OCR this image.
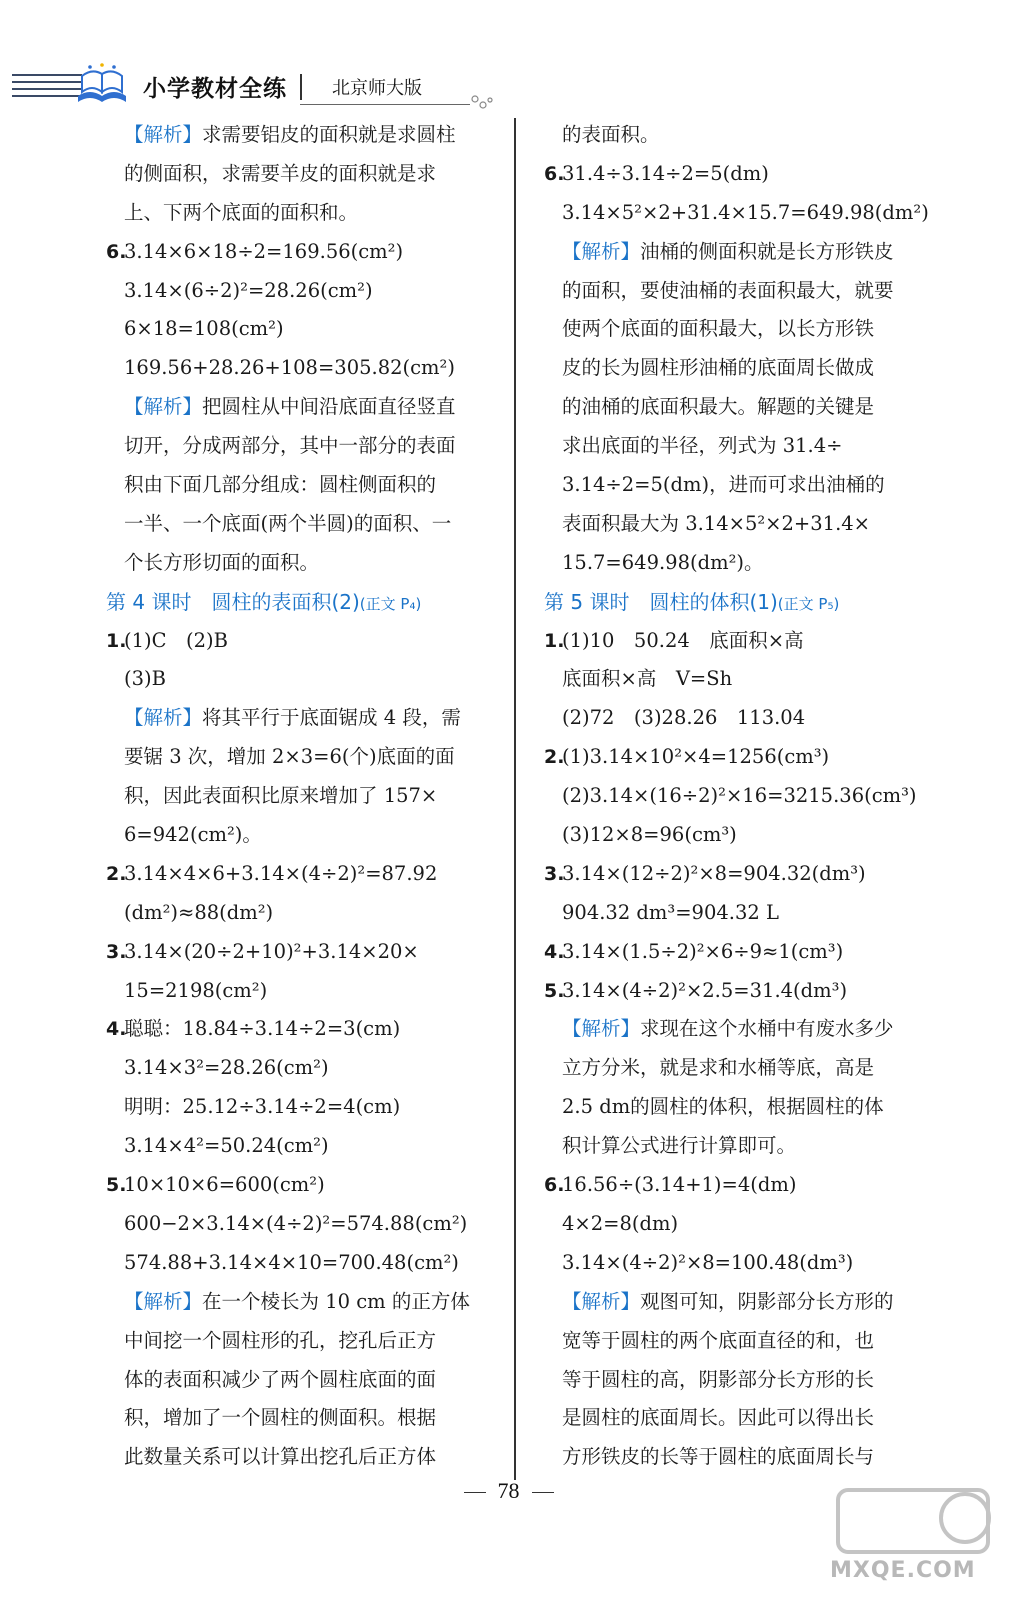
小学教材全练	北京师大版
【解析】求需要铝皮的面积就是求圆柱
的侧面积，求需要羊皮的面积就是求
上、下两个底面的面积和。
6.
3.14×6×18÷2=169.56(cm²)
3.14×(6÷2)²=28.26(cm²)
6×18=108(cm²)
169.56+28.26+108=305.82(cm²)
【解析】把圆柱从中间沿底面直径竖直
切开，分成两部分，其中一部分的表面
积由下面几部分组成：圆柱侧面积的
一半、一个底面(两个半圆)的面积、一
个长方形切面的面积。
第 4 课时　圆柱的表面积(2)(正文 P₄)
1.
(1)C　(2)B
(3)B
【解析】将其平行于底面锯成 4 段，需
要锯 3 次，增加 2×3=6(个)底面的面
积，因此表面积比原来增加了 157×
6=942(cm²)。
2.
3.14×4×6+3.14×(4÷2)²=87.92
(dm²)≈88(dm²)
3.
3.14×(20÷2+10)²+3.14×20×
15=2198(cm²)
4.
聪聪：18.84÷3.14÷2=3(cm)
3.14×3²=28.26(cm²)
明明：25.12÷3.14÷2=4(cm)
3.14×4²=50.24(cm²)
5.
10×10×6=600(cm²)
600−2×3.14×(4÷2)²=574.88(cm²)
574.88+3.14×4×10=700.48(cm²)
【解析】在一个棱长为 10 cm 的正方体
中间挖一个圆柱形的孔，挖孔后正方
体的表面积减少了两个圆柱底面的面
积，增加了一个圆柱的侧面积。根据
此数量关系可以计算出挖孔后正方体
的表面积。
6.
31.4÷3.14÷2=5(dm)
3.14×5²×2+31.4×15.7=649.98(dm²)
【解析】油桶的侧面积就是长方形铁皮
的面积，要使油桶的表面积最大，就要
使两个底面的面积最大，以长方形铁
皮的长为圆柱形油桶的底面周长做成
的油桶的底面积最大。解题的关键是
求出底面的半径，列式为 31.4÷
3.14÷2=5(dm)，进而可求出油桶的
表面积最大为 3.14×5²×2+31.4×
15.7=649.98(dm²)。
第 5 课时　圆柱的体积(1)(正文 P₅)
1.
(1)10　50.24　底面积×高
底面积×高　V=Sh
(2)72　(3)28.26　113.04
2.
(1)3.14×10²×4=1256(cm³)
(2)3.14×(16÷2)²×16=3215.36(cm³)
(3)12×8=96(cm³)
3.
3.14×(12÷2)²×8=904.32(dm³)
904.32 dm³=904.32 L
4.
3.14×(1.5÷2)²×6÷9≈1(cm³)
5.
3.14×(4÷2)²×2.5=31.4(dm³)
【解析】求现在这个水桶中有废水多少
立方分米，就是求和水桶等底，高是
2.5 dm的圆柱的体积，根据圆柱的体
积计算公式进行计算即可。
6.
16.56÷(3.14+1)=4(dm)
4×2=8(dm)
3.14×(4÷2)²×8=100.48(dm³)
【解析】观图可知，阴影部分长方形的
宽等于圆柱的两个底面直径的和，也
等于圆柱的高，阴影部分长方形的长
是圆柱的底面周长。因此可以得出长
方形铁皮的长等于圆柱的底面周长与
78
MXQE.COM
